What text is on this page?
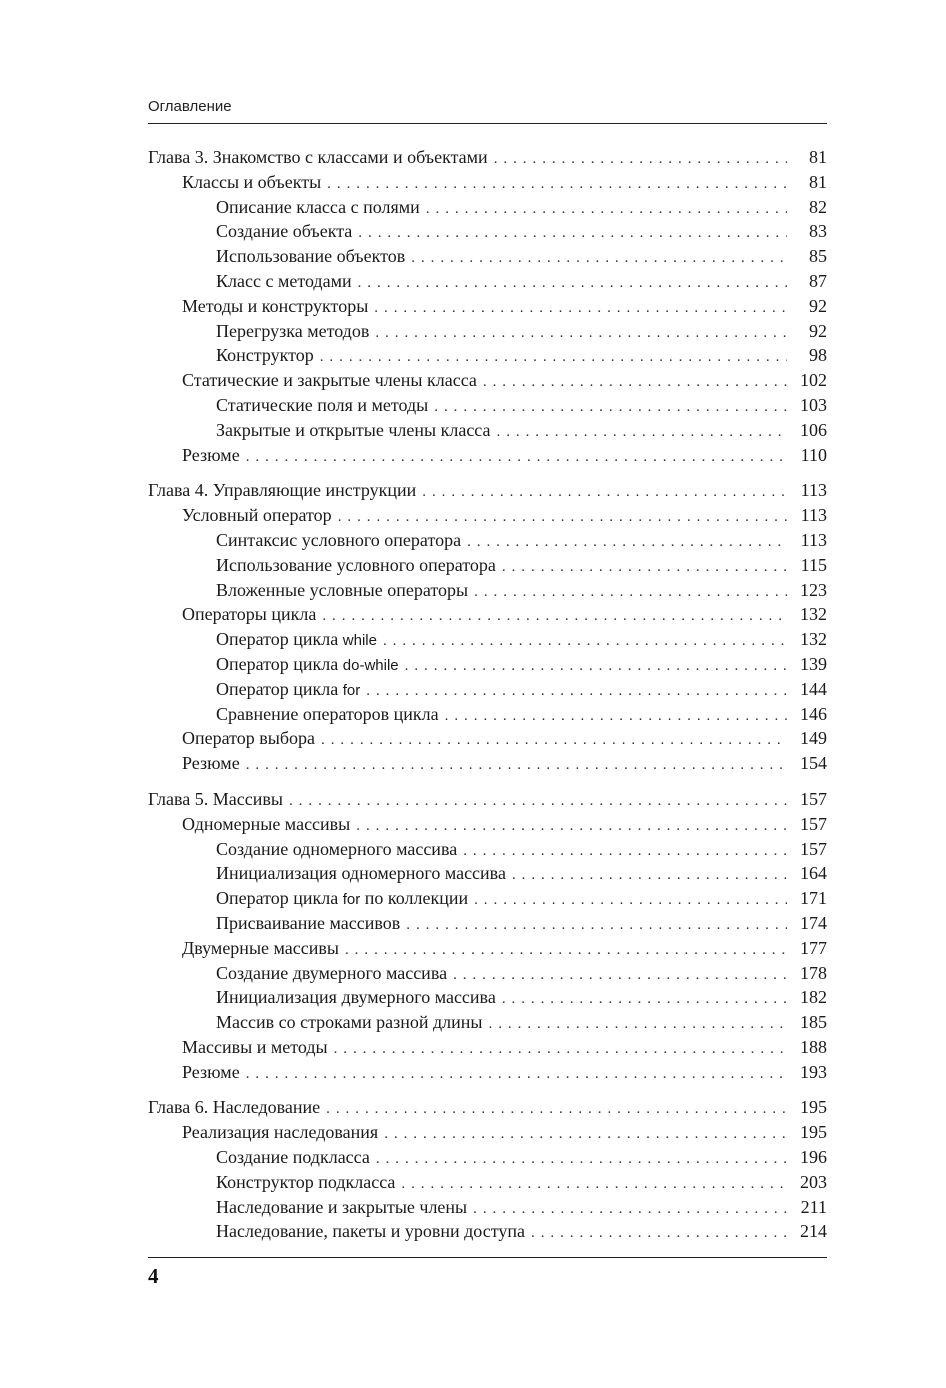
Оглавление
Глава 3. Знакомство с классами и объектами . . .	81
Классы и объекты . . .	81
Описание класса с полями . . .	82
Создание объекта . . .	83
Использование объектов . . .	85
Класс с методами . . .	87
Методы и конструкторы . . .	92
Перегрузка методов . . .	92
Конструктор . . .	98
Статические и закрытые члены класса . . .	102
Статические поля и методы . . .	103
Закрытые и открытые члены класса . . .	106
Резюме . . .	110
Глава 4. Управляющие инструкции . . .	113
Условный оператор . . .	113
Синтаксис условного оператора . . .	113
Использование условного оператора . . .	115
Вложенные условные операторы . . .	123
Операторы цикла . . .	132
Оператор цикла while . . .	132
Оператор цикла do-while . . .	139
Оператор цикла for . . .	144
Сравнение операторов цикла . . .	146
Оператор выбора . . .	149
Резюме . . .	154
Глава 5. Массивы . . .	157
Одномерные массивы . . .	157
Создание одномерного массива . . .	157
Инициализация одномерного массива . . .	164
Оператор цикла for по коллекции . . .	171
Присваивание массивов . . .	174
Двумерные массивы . . .	177
Создание двумерного массива . . .	178
Инициализация двумерного массива . . .	182
Массив со строками разной длины . . .	185
Массивы и методы . . .	188
Резюме . . .	193
Глава 6. Наследование . . .	195
Реализация наследования . . .	195
Создание подкласса . . .	196
Конструктор подкласса . . .	203
Наследование и закрытые члены . . .	211
Наследование, пакеты и уровни доступа . . .	214
4
